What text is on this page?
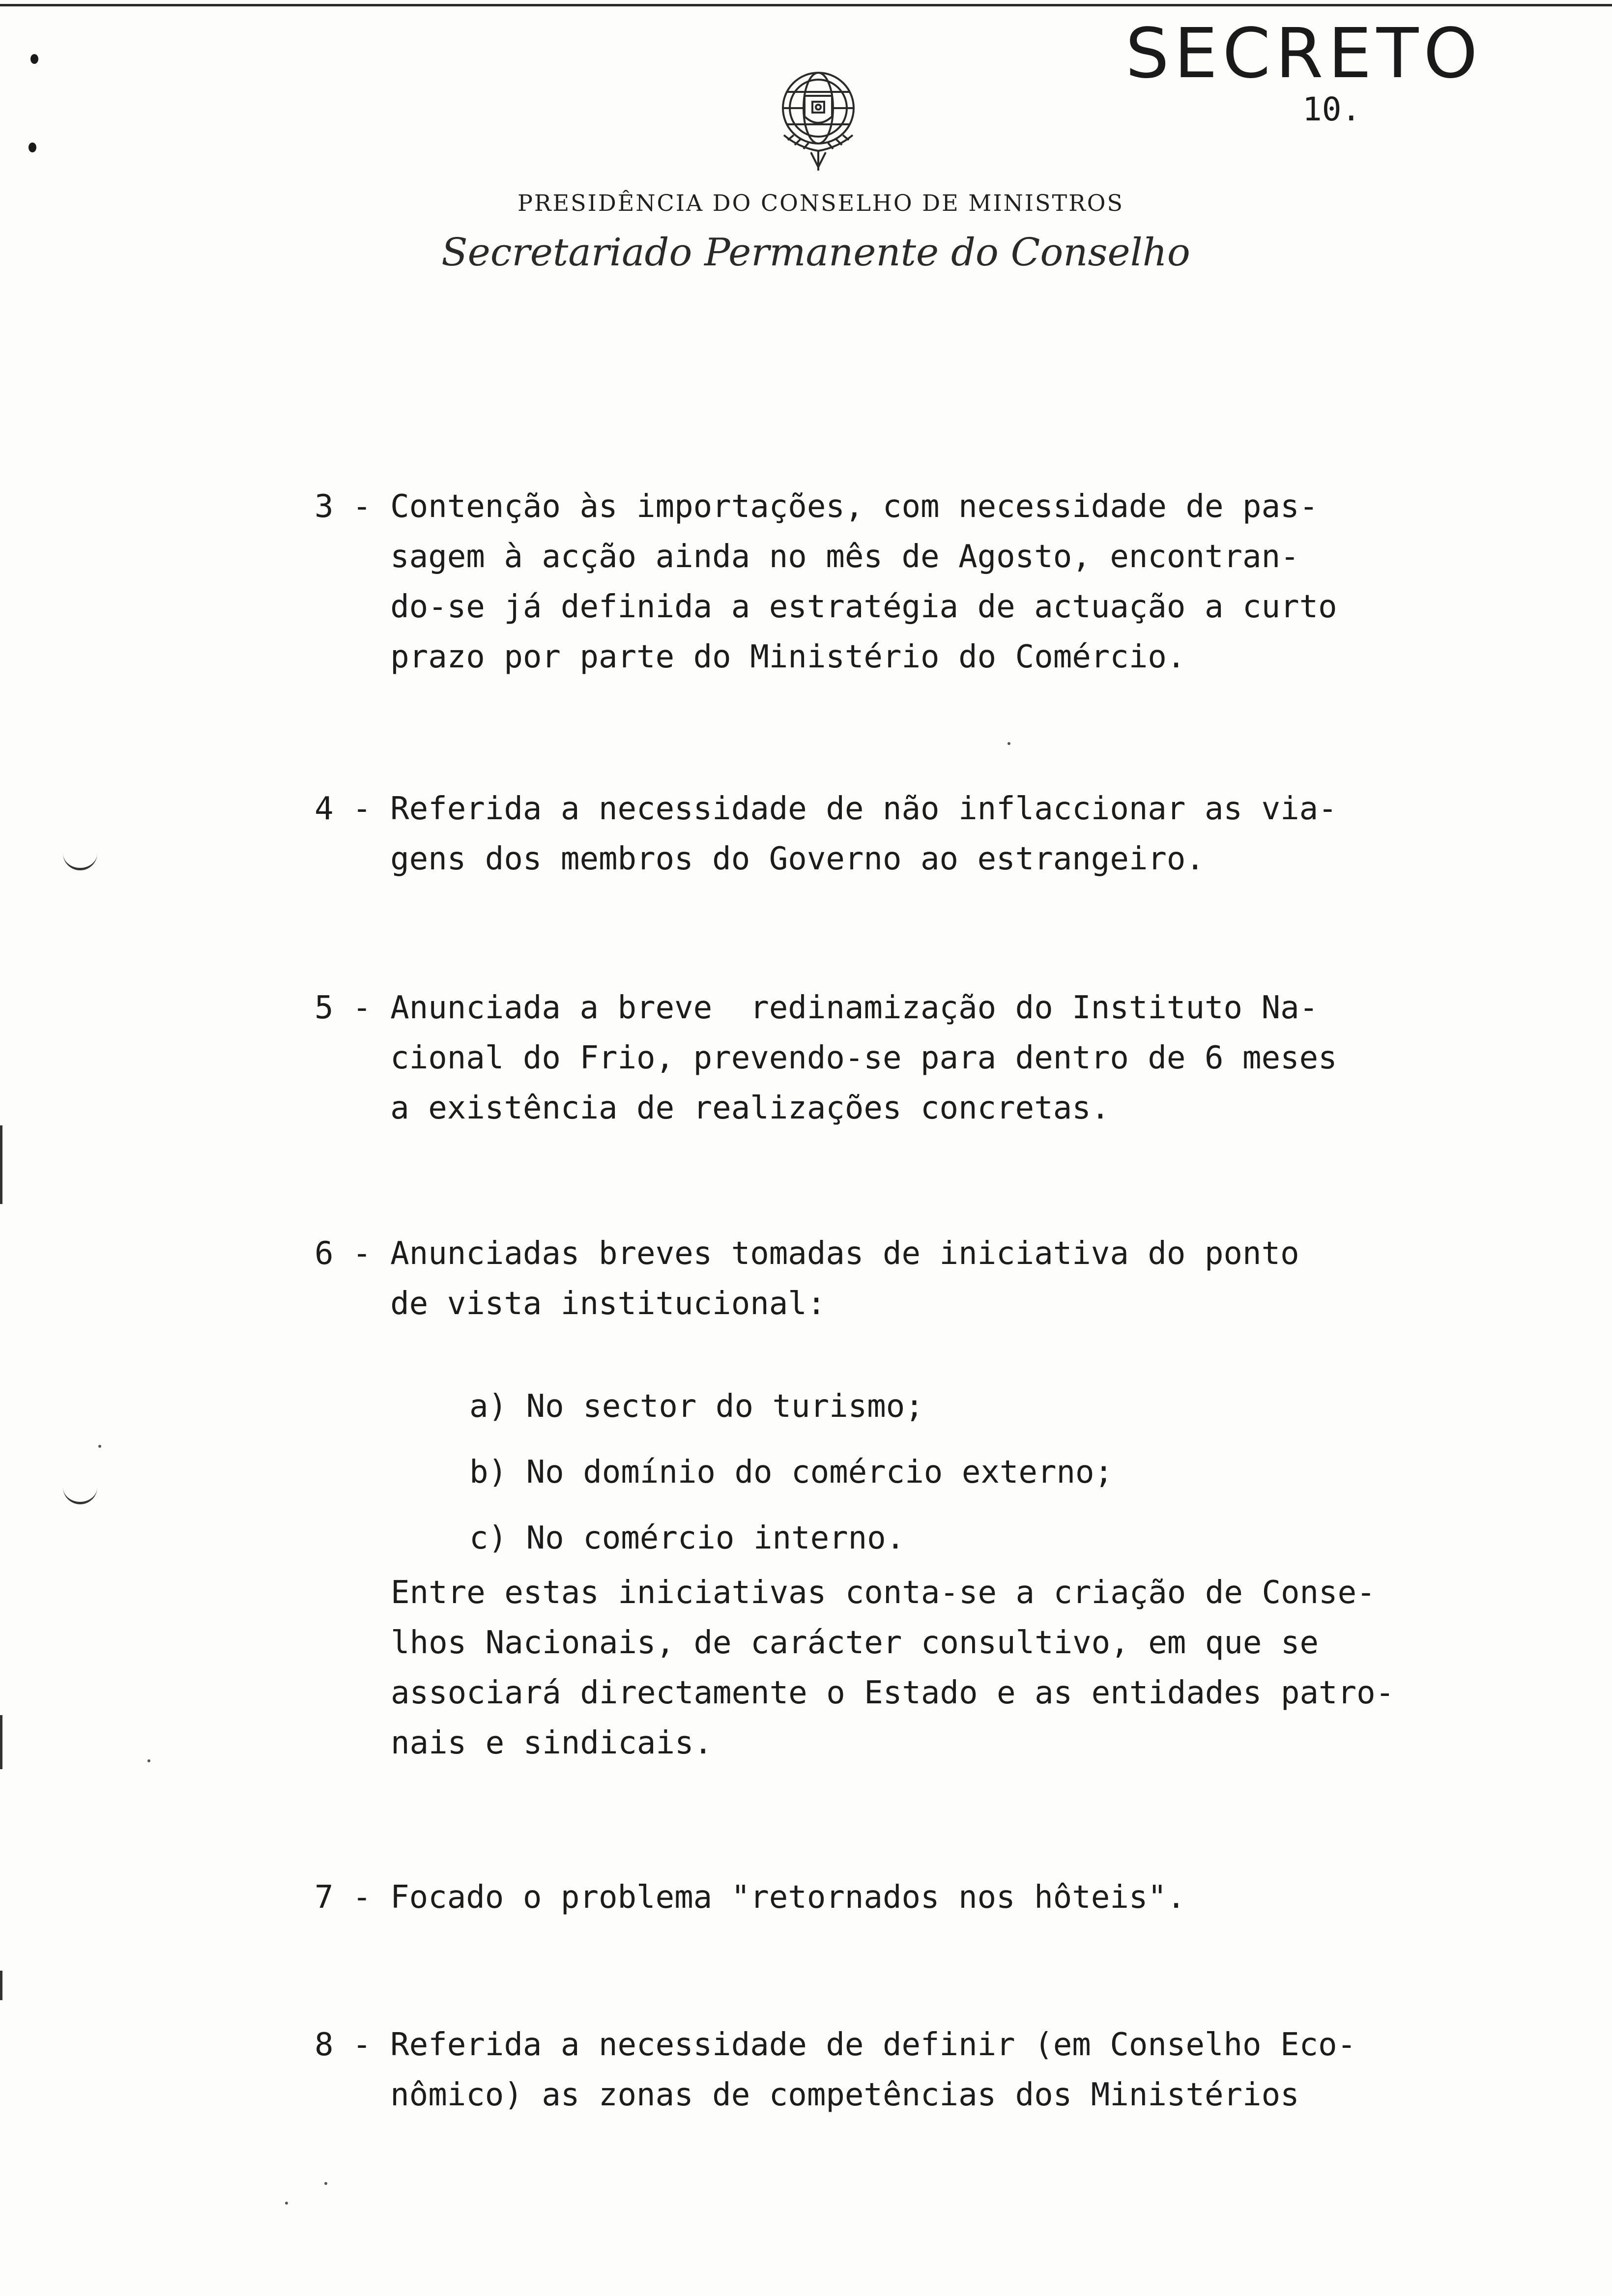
SECRETO
10.
PRESIDÊNCIA DO CONSELHO DE MINISTROS
Secretariado Permanente do Conselho
3 - Contenção às importações, com necessidade de pas-
sagem à acção ainda no mês de Agosto, encontran-
do-se já definida a estratégia de actuação a curto
prazo por parte do Ministério do Comércio.
4 - Referida a necessidade de não inflaccionar as via-
gens dos membros do Governo ao estrangeiro.
5 - Anunciada a breve  redinamização do Instituto Na-
cional do Frio, prevendo-se para dentro de 6 meses
a existência de realizações concretas.
6 - Anunciadas breves tomadas de iniciativa do ponto
de vista institucional:
a) No sector do turismo;
b) No domínio do comércio externo;
c) No comércio interno.
Entre estas iniciativas conta-se a criação de Conse-
lhos Nacionais, de carácter consultivo, em que se
associará directamente o Estado e as entidades patro-
nais e sindicais.
7 - Focado o problema "retornados nos hôteis".
8 - Referida a necessidade de definir (em Conselho Eco-
nômico) as zonas de competências dos Ministérios
